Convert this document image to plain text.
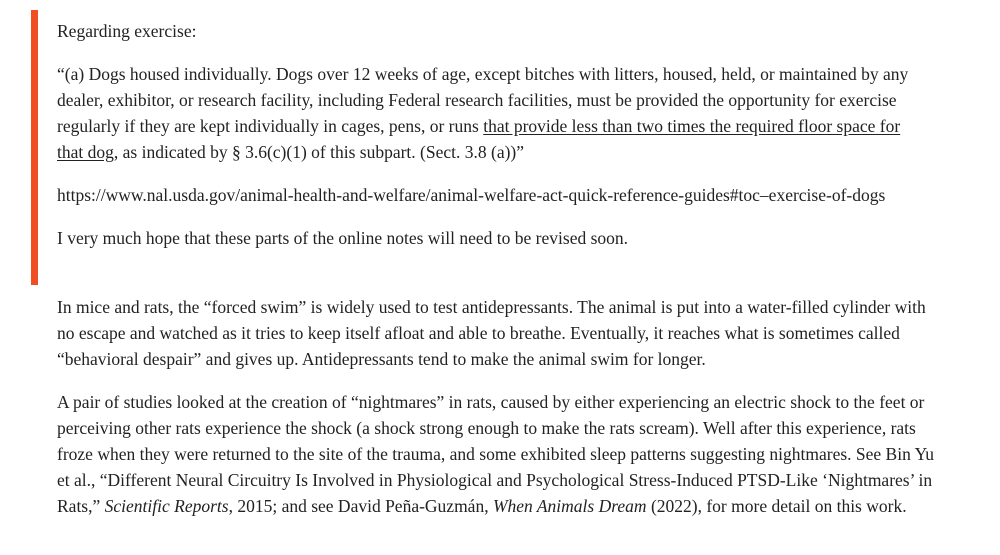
Regarding exercise:

“(a) Dogs housed individually. Dogs over 12 weeks of age, except bitches with litters, housed, held, or maintained by any dealer, exhibitor, or research facility, including Federal research facilities, must be provided the opportunity for exercise regularly if they are kept individually in cages, pens, or runs that provide less than two times the required floor space for that dog, as indicated by § 3.6(c)(1) of this subpart. (Sect. 3.8 (a))”

https://www.nal.usda.gov/animal-health-and-welfare/animal-welfare-act-quick-reference-guides#toc–exercise-of-dogs

I very much hope that these parts of the online notes will need to be revised soon.

In mice and rats, the “forced swim” is widely used to test antidepressants. The animal is put into a water-filled cylinder with no escape and watched as it tries to keep itself afloat and able to breathe. Eventually, it reaches what is sometimes called “behavioral despair” and gives up. Antidepressants tend to make the animal swim for longer.

A pair of studies looked at the creation of “nightmares” in rats, caused by either experiencing an electric shock to the feet or perceiving other rats experience the shock (a shock strong enough to make the rats scream). Well after this experience, rats froze when they were returned to the site of the trauma, and some exhibited sleep patterns suggesting nightmares. See Bin Yu et al., “Different Neural Circuitry Is Involved in Physiological and Psychological Stress-Induced PTSD-Like ‘Nightmares’ in Rats,” Scientific Reports, 2015; and see David Peña-Guzmán, When Animals Dream (2022), for more detail on this work.
